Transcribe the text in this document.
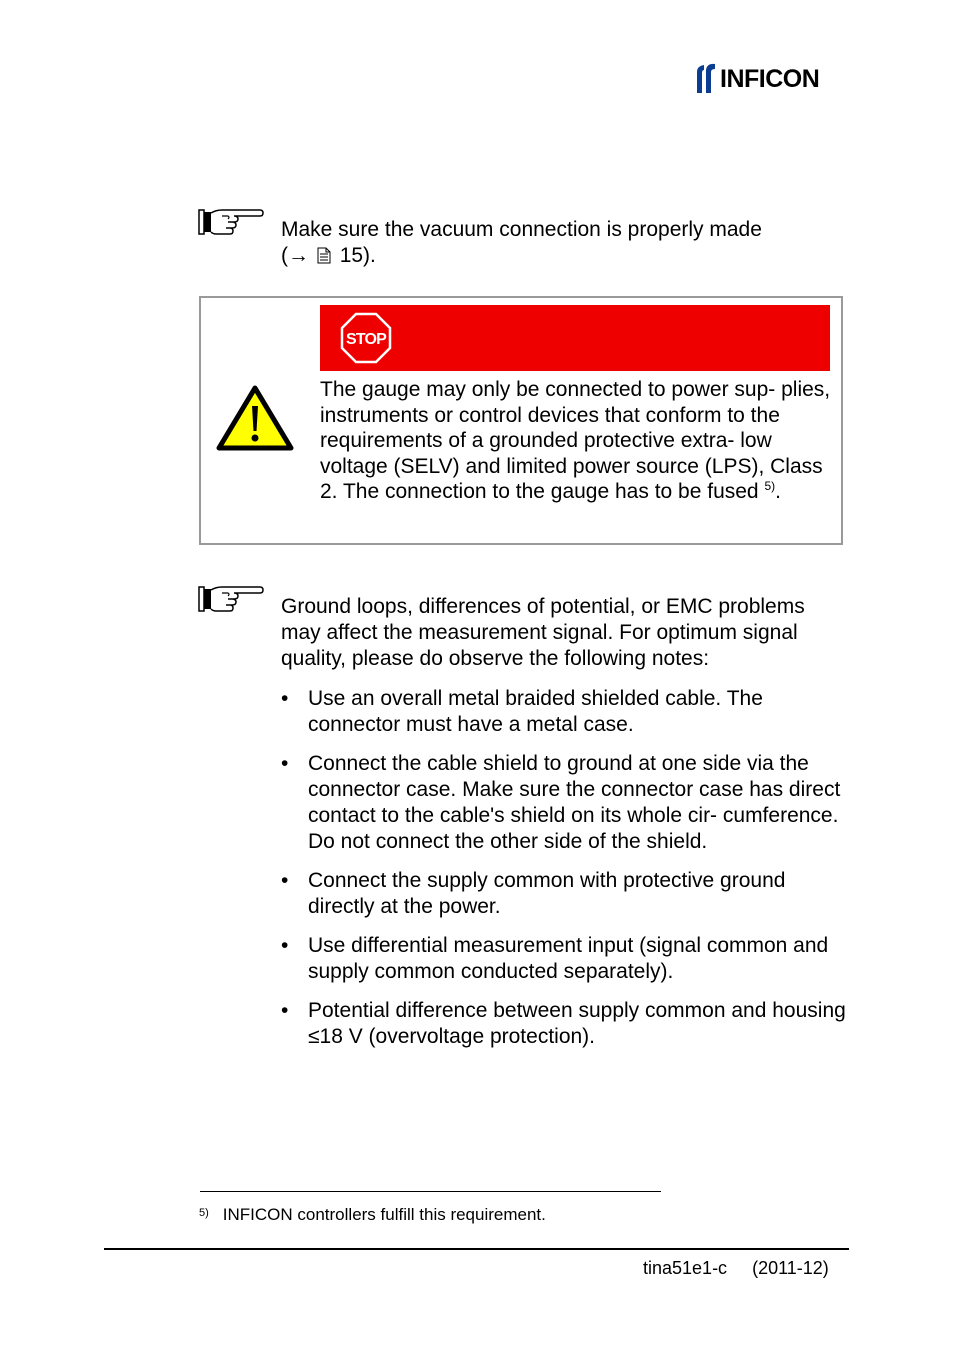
INFICON
Make sure the vacuum connection is properly made
(→ 15).
STOP

The gauge may only be connected to power sup- plies, instruments or control devices that conform to the requirements of a grounded protective extra- low voltage (SELV) and limited power source (LPS), Class 2. The connection to the gauge has to be fused $^{5)}$.

Ground loops, differences of potential, or EMC problems may affect the measurement signal. For optimum signal quality, please do observe the following notes:

• Use an overall metal braided shielded cable. The connector must have a metal case.
• Connect the cable shield to ground at one side via the connector case. Make sure the connector case has direct contact to the cable's shield on its whole cir- cumference. Do not connect the other side of the shield.
• Connect the supply common with protective ground directly at the power.
• Use differential measurement input (signal common and supply common conducted separately).
• Potential difference between supply common and housing ≤18 V (overvoltage protection).
$^{5)}$ INFICON controllers fulfill this requirement.
tina51e1-c (2011-12)
